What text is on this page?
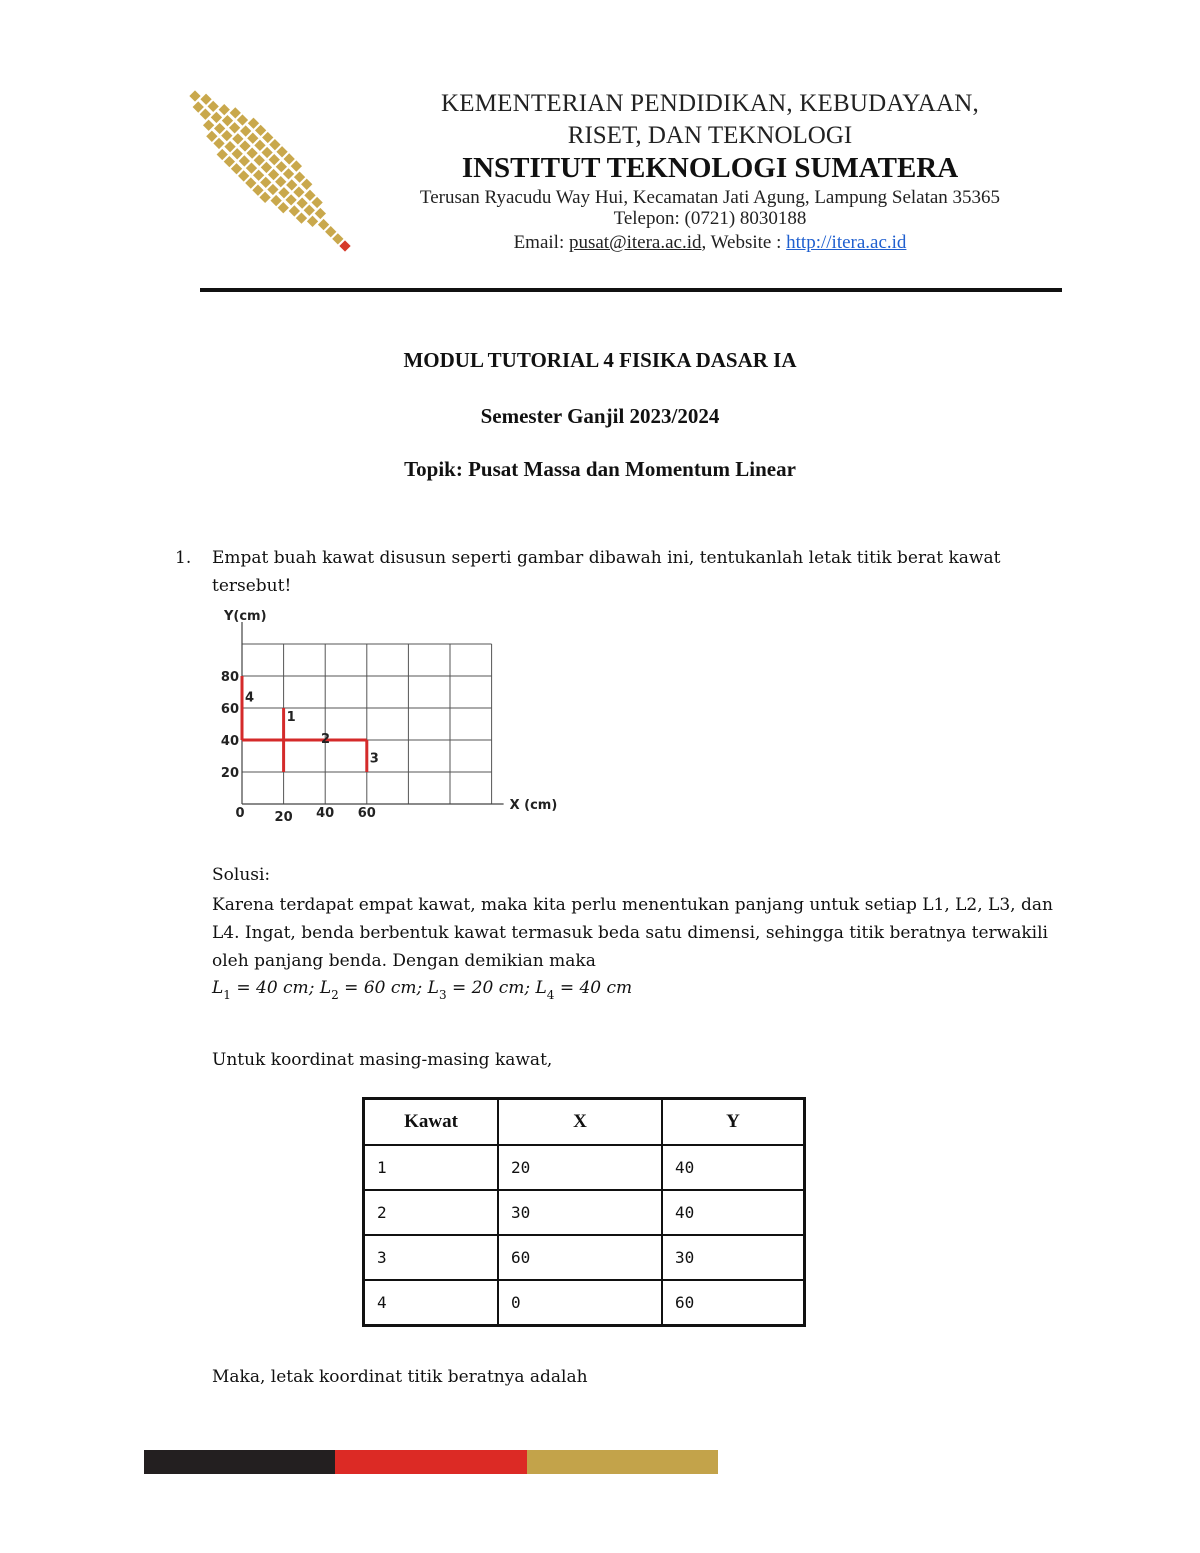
KEMENTERIAN PENDIDIKAN, KEBUDAYAAN,
RISET, DAN TEKNOLOGI
INSTITUT TEKNOLOGI SUMATERA
Terusan Ryacudu Way Hui, Kecamatan Jati Agung, Lampung Selatan 35365
Telepon: (0721) 8030188
Email: pusat@itera.ac.id, Website : http://itera.ac.id
MODUL TUTORIAL 4 FISIKA DASAR IA
Semester Ganjil 2023/2024
Topik: Pusat Massa dan Momentum Linear
1. Empat buah kawat disusun seperti gambar dibawah ini, tentukanlah letak titik berat kawat tersebut!
Y(cm)
X (cm)
0 20 40 60
20
40
60
80
1
2
3
4
Solusi:
Karena terdapat empat kawat, maka kita perlu menentukan panjang untuk setiap L1, L2, L3, dan L4. Ingat, benda berbentuk kawat termasuk beda satu dimensi, sehingga titik beratnya terwakili oleh panjang benda. Dengan demikian maka
$L_1 = 40$ cm; $L_2 = 60$ cm; $L_3 = 20$ cm; $L_4 = 40$ cm
Untuk koordinat masing-masing kawat,
Kawat	X	Y
1	20	40
2	30	40
3	60	30
4	0	60
Maka, letak koordinat titik beratnya adalah
